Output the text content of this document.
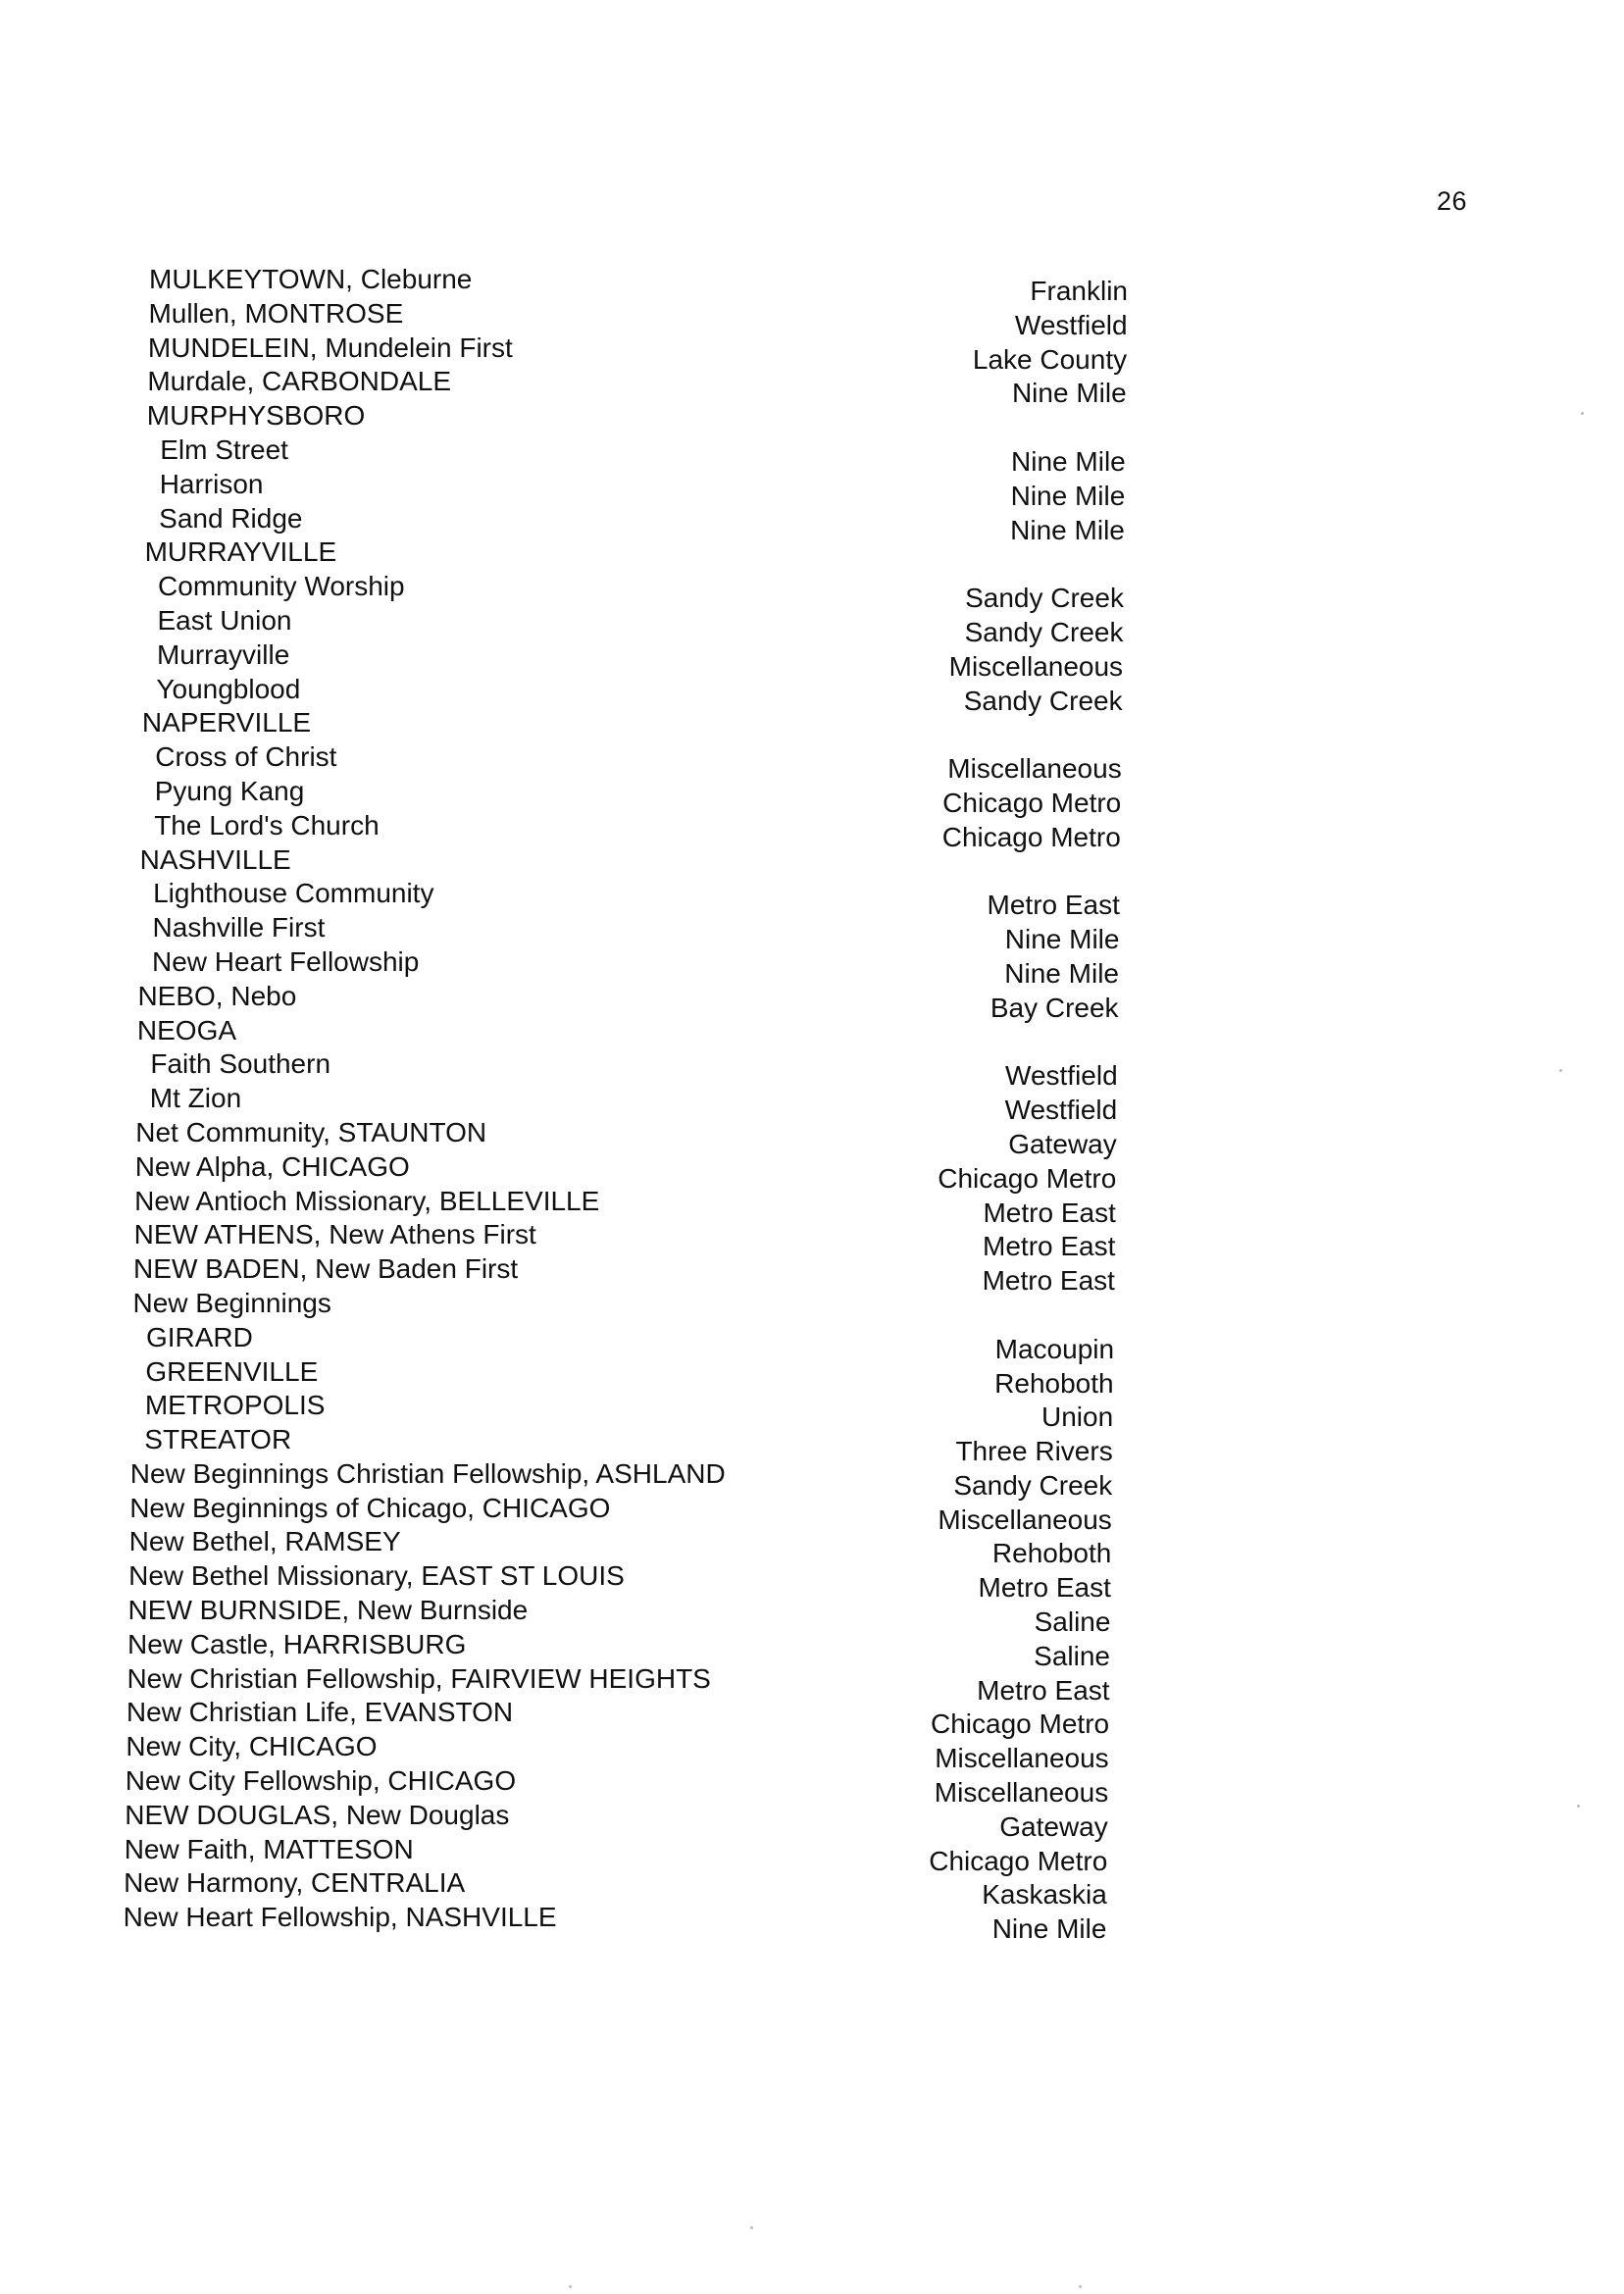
26
MULKEYTOWN, Cleburne
Mullen, MONTROSE
MUNDELEIN, Mundelein First
Murdale, CARBONDALE
MURPHYSBORO
Elm Street
Harrison
Sand Ridge
MURRAYVILLE
Community Worship
East Union
Murrayville
Youngblood
NAPERVILLE
Cross of Christ
Pyung Kang
The Lord's Church
NASHVILLE
Lighthouse Community
Nashville First
New Heart Fellowship
NEBO, Nebo
NEOGA
Faith Southern
Mt Zion
Net Community, STAUNTON
New Alpha, CHICAGO
New Antioch Missionary, BELLEVILLE
NEW ATHENS, New Athens First
NEW BADEN, New Baden First
New Beginnings
GIRARD
GREENVILLE
METROPOLIS
STREATOR
New Beginnings Christian Fellowship, ASHLAND
New Beginnings of Chicago, CHICAGO
New Bethel, RAMSEY
New Bethel Missionary, EAST ST LOUIS
NEW BURNSIDE, New Burnside
New Castle, HARRISBURG
New Christian Fellowship, FAIRVIEW HEIGHTS
New Christian Life, EVANSTON
New City, CHICAGO
New City Fellowship, CHICAGO
NEW DOUGLAS, New Douglas
New Faith, MATTESON
New Harmony, CENTRALIA
New Heart Fellowship, NASHVILLE
Franklin
Westfield
Lake County
Nine Mile
Nine Mile
Nine Mile
Nine Mile
Sandy Creek
Sandy Creek
Miscellaneous
Sandy Creek
Miscellaneous
Chicago Metro
Chicago Metro
Metro East
Nine Mile
Nine Mile
Bay Creek
Westfield
Westfield
Gateway
Chicago Metro
Metro East
Metro East
Metro East
Macoupin
Rehoboth
Union
Three Rivers
Sandy Creek
Miscellaneous
Rehoboth
Metro East
Saline
Saline
Metro East
Chicago Metro
Miscellaneous
Miscellaneous
Gateway
Chicago Metro
Kaskaskia
Nine Mile
